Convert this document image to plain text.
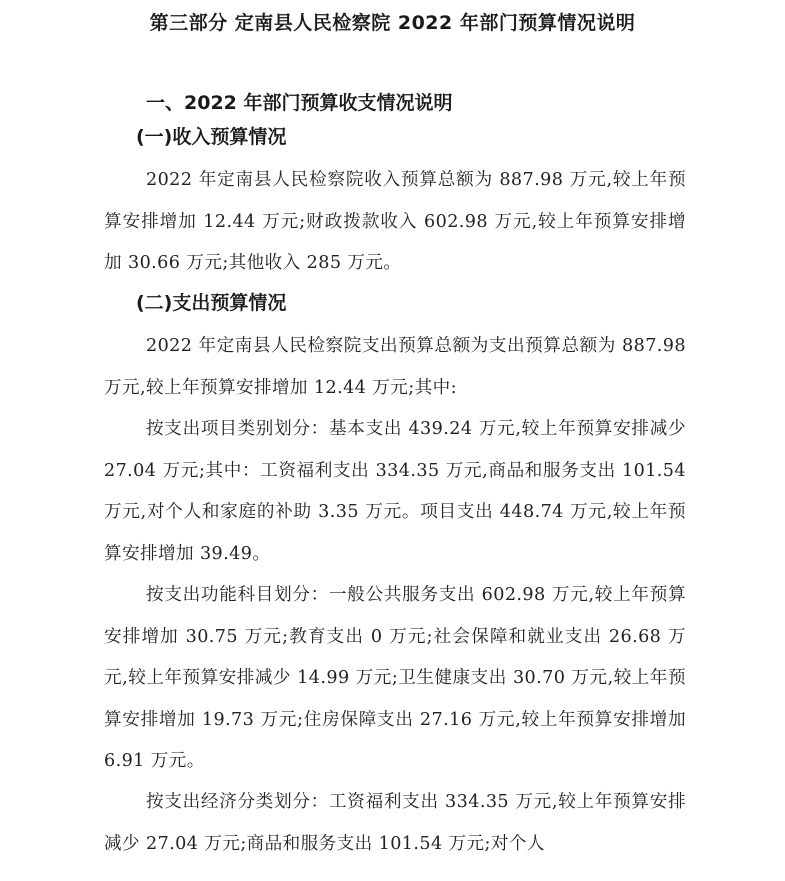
第三部分 定南县人民检察院 2022 年部门预算情况说明
一、2022 年部门预算收支情况说明
(一)收入预算情况

2022 年定南县人民检察院收入预算总额为 887.98 万元,较上年预算安排增加 12.44 万元;财政拨款收入 602.98 万元,较上年预算安排增加 30.66 万元;其他收入 285 万元。

(二)支出预算情况

2022 年定南县人民检察院支出预算总额为支出预算总额为 887.98 万元,较上年预算安排增加 12.44 万元;其中:

按支出项目类别划分：基本支出 439.24 万元,较上年预算安排减少 27.04 万元;其中：工资福利支出 334.35 万元,商品和服务支出 101.54 万元,对个人和家庭的补助 3.35 万元。项目支出 448.74 万元,较上年预算安排增加 39.49。

按支出功能科目划分：一般公共服务支出 602.98 万元,较上年预算安排增加 30.75 万元;教育支出 0 万元;社会保障和就业支出 26.68 万元,较上年预算安排减少 14.99 万元;卫生健康支出 30.70 万元,较上年预算安排增加 19.73 万元;住房保障支出 27.16 万元,较上年预算安排增加 6.91 万元。

按支出经济分类划分：工资福利支出 334.35 万元,较上年预算安排减少 27.04 万元;商品和服务支出 101.54 万元;对个人
